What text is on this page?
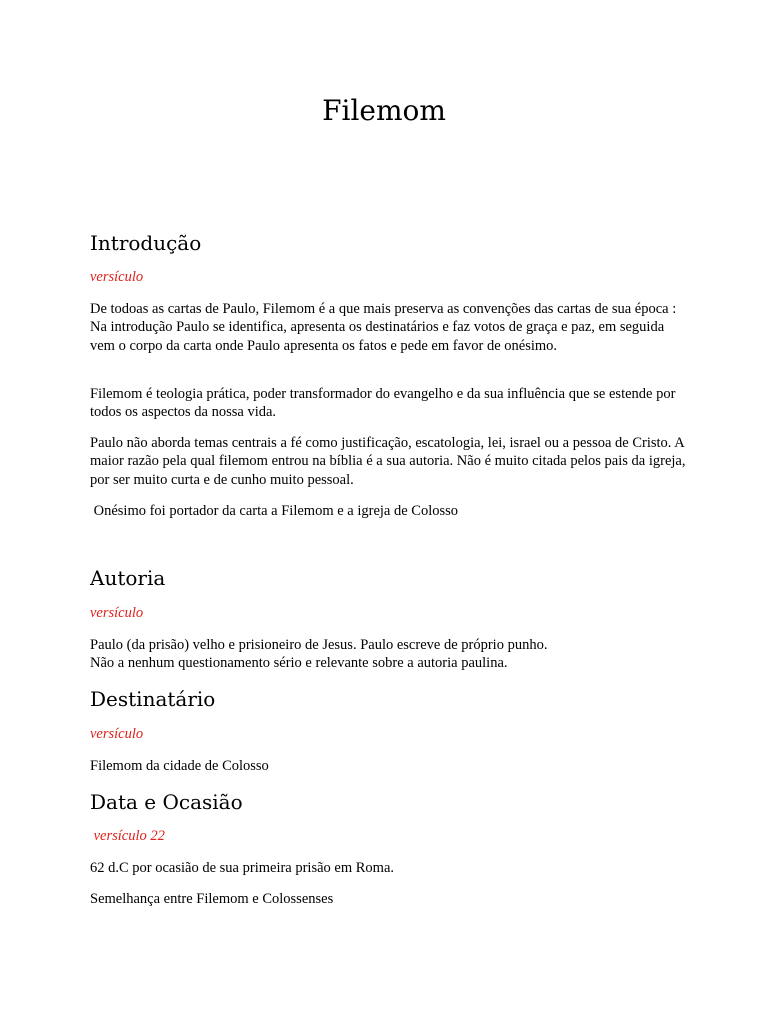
Filemom
Introdução
versículo
De todoas as cartas de Paulo, Filemom é a que mais preserva as convenções das cartas de sua época : Na introdução Paulo se identifica, apresenta os destinatários e faz votos de graça e paz, em seguida vem o corpo da carta onde Paulo apresenta os fatos e pede em favor de onésimo.
Filemom é teologia prática, poder transformador do evangelho e da sua influência que se estende por todos os aspectos da nossa vida.
Paulo não aborda temas centrais a fé como justificação, escatologia, lei, israel ou a pessoa de Cristo. A maior razão pela qual filemom entrou na bíblia é a sua autoria. Não é muito citada pelos pais da igreja, por ser muito curta e de cunho muito pessoal.
Onésimo foi portador da carta a Filemom e a igreja de Colosso
Autoria
versículo
Paulo (da prisão) velho e prisioneiro de Jesus. Paulo escreve de próprio punho.
Não a nenhum questionamento sério e relevante sobre a autoria paulina.
Destinatário
versículo
Filemom da cidade de Colosso
Data e Ocasião
versículo 22
62 d.C por ocasião de sua primeira prisão em Roma.
Semelhança entre Filemom e Colossenses
